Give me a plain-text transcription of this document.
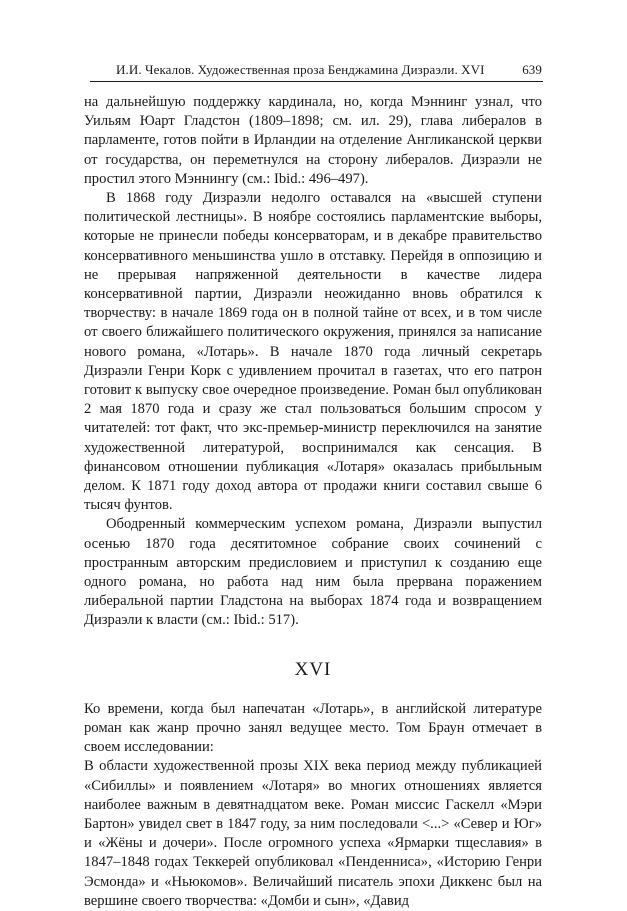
И.И. Чекалов. Художественная проза Бенджамина Дизраэли. XVI	639

на дальнейшую поддержку кардинала, но, когда Мэннинг узнал, что Уильям Юарт Гладстон (1809–1898; см. ил. 29), глава либералов в парламенте, готов пойти в Ирландии на отделение Англиканской церкви от государства, он переметнулся на сторону либералов. Дизраэли не простил этого Мэннингу (см.: Ibid.: 496–497).

В 1868 году Дизраэли недолго оставался на «высшей ступени политической лестницы». В ноябре состоялись парламентские выборы, которые не принесли победы консерваторам, и в декабре правительство консервативного меньшинства ушло в отставку. Перейдя в оппозицию и не прерывая напряженной деятельности в качестве лидера консервативной партии, Дизраэли неожиданно вновь обратился к творчеству: в начале 1869 года он в полной тайне от всех, и в том числе от своего ближайшего политического окружения, принялся за написание нового романа, «Лотарь». В начале 1870 года личный секретарь Дизраэли Генри Корк с удивлением прочитал в газетах, что его патрон готовит к выпуску свое очередное произведение. Роман был опубликован 2 мая 1870 года и сразу же стал пользоваться большим спросом у читателей: тот факт, что экс-премьер-министр переключился на занятие художественной литературой, воспринимался как сенсация. В финансовом отношении публикация «Лотаря» оказалась прибыльным делом. К 1871 году доход автора от продажи книги составил свыше 6 тысяч фунтов.

Ободренный коммерческим успехом романа, Дизраэли выпустил осенью 1870 года десятитомное собрание своих сочинений с пространным авторским предисловием и приступил к созданию еще одного романа, но работа над ним была прервана поражением либеральной партии Гладстона на выборах 1874 года и возвращением Дизраэли к власти (см.: Ibid.: 517).

XVI

Ко времени, когда был напечатан «Лотарь», в английской литературе роман как жанр прочно занял ведущее место. Том Браун отмечает в своем исследовании:

В области художественной прозы XIX века период между публикацией «Сибиллы» и появлением «Лотаря» во многих отношениях является наиболее важным в девятнадцатом веке. Роман миссис Гаскелл «Мэри Бартон» увидел свет в 1847 году, за ним последовали <...> «Север и Юг» и «Жёны и дочери». После огромного успеха «Ярмарки тщеславия» в 1847–1848 годах Теккерей опубликовал «Пенденниса», «Историю Генри Эсмонда» и «Ньюкомов». Величайший писатель эпохи Диккенс был на вершине своего творчества: «Домби и сын», «Давид
